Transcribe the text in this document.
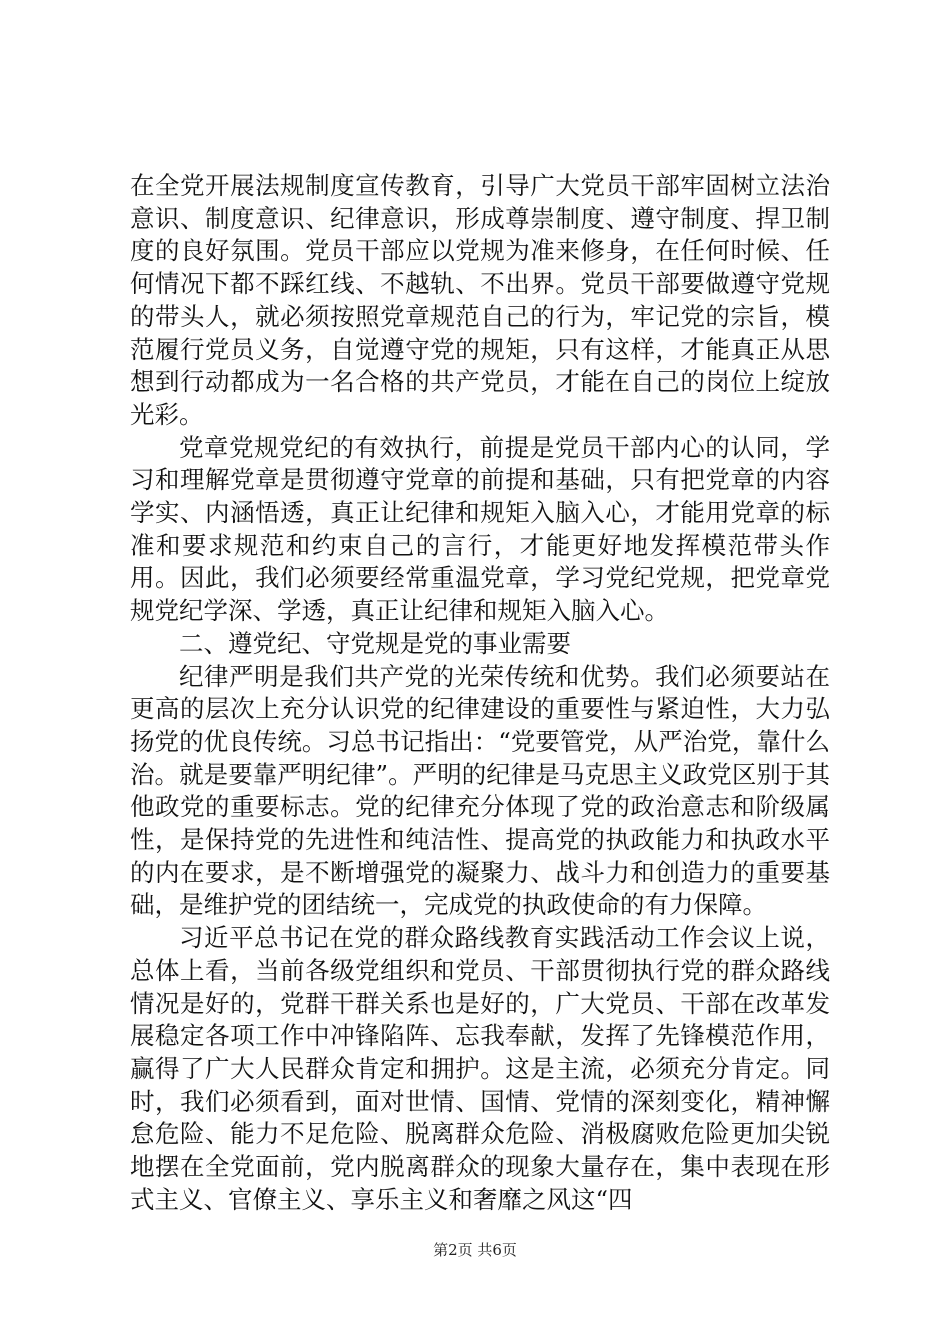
在全党开展法规制度宣传教育，引导广大党员干部牢固树立法治意识、制度意识、纪律意识，形成尊崇制度、遵守制度、捍卫制度的良好氛围。党员干部应以党规为准来修身，在任何时候、任何情况下都不踩红线、不越轨、不出界。党员干部要做遵守党规的带头人，就必须按照党章规范自己的行为，牢记党的宗旨，模范履行党员义务，自觉遵守党的规矩，只有这样，才能真正从思想到行动都成为一名合格的共产党员，才能在自己的岗位上绽放光彩。

党章党规党纪的有效执行，前提是党员干部内心的认同，学习和理解党章是贯彻遵守党章的前提和基础，只有把党章的内容学实、内涵悟透，真正让纪律和规矩入脑入心，才能用党章的标准和要求规范和约束自己的言行，才能更好地发挥模范带头作用。因此，我们必须要经常重温党章，学习党纪党规，把党章党规党纪学深、学透，真正让纪律和规矩入脑入心。

二、遵党纪、守党规是党的事业需要

纪律严明是我们共产党的光荣传统和优势。我们必须要站在更高的层次上充分认识党的纪律建设的重要性与紧迫性，大力弘扬党的优良传统。习总书记指出：“党要管党，从严治党，靠什么治。就是要靠严明纪律”。严明的纪律是马克思主义政党区别于其他政党的重要标志。党的纪律充分体现了党的政治意志和阶级属性，是保持党的先进性和纯洁性、提高党的执政能力和执政水平的内在要求，是不断增强党的凝聚力、战斗力和创造力的重要基础，是维护党的团结统一，完成党的执政使命的有力保障。

习近平总书记在党的群众路线教育实践活动工作会议上说，总体上看，当前各级党组织和党员、干部贯彻执行党的群众路线情况是好的，党群干群关系也是好的，广大党员、干部在改革发展稳定各项工作中冲锋陷阵、忘我奉献，发挥了先锋模范作用，赢得了广大人民群众肯定和拥护。这是主流，必须充分肯定。同时，我们必须看到，面对世情、国情、党情的深刻变化，精神懈怠危险、能力不足危险、脱离群众危险、消极腐败危险更加尖锐地摆在全党面前，党内脱离群众的现象大量存在，集中表现在形式主义、官僚主义、享乐主义和奢靡之风这“四

第2页 共6页
